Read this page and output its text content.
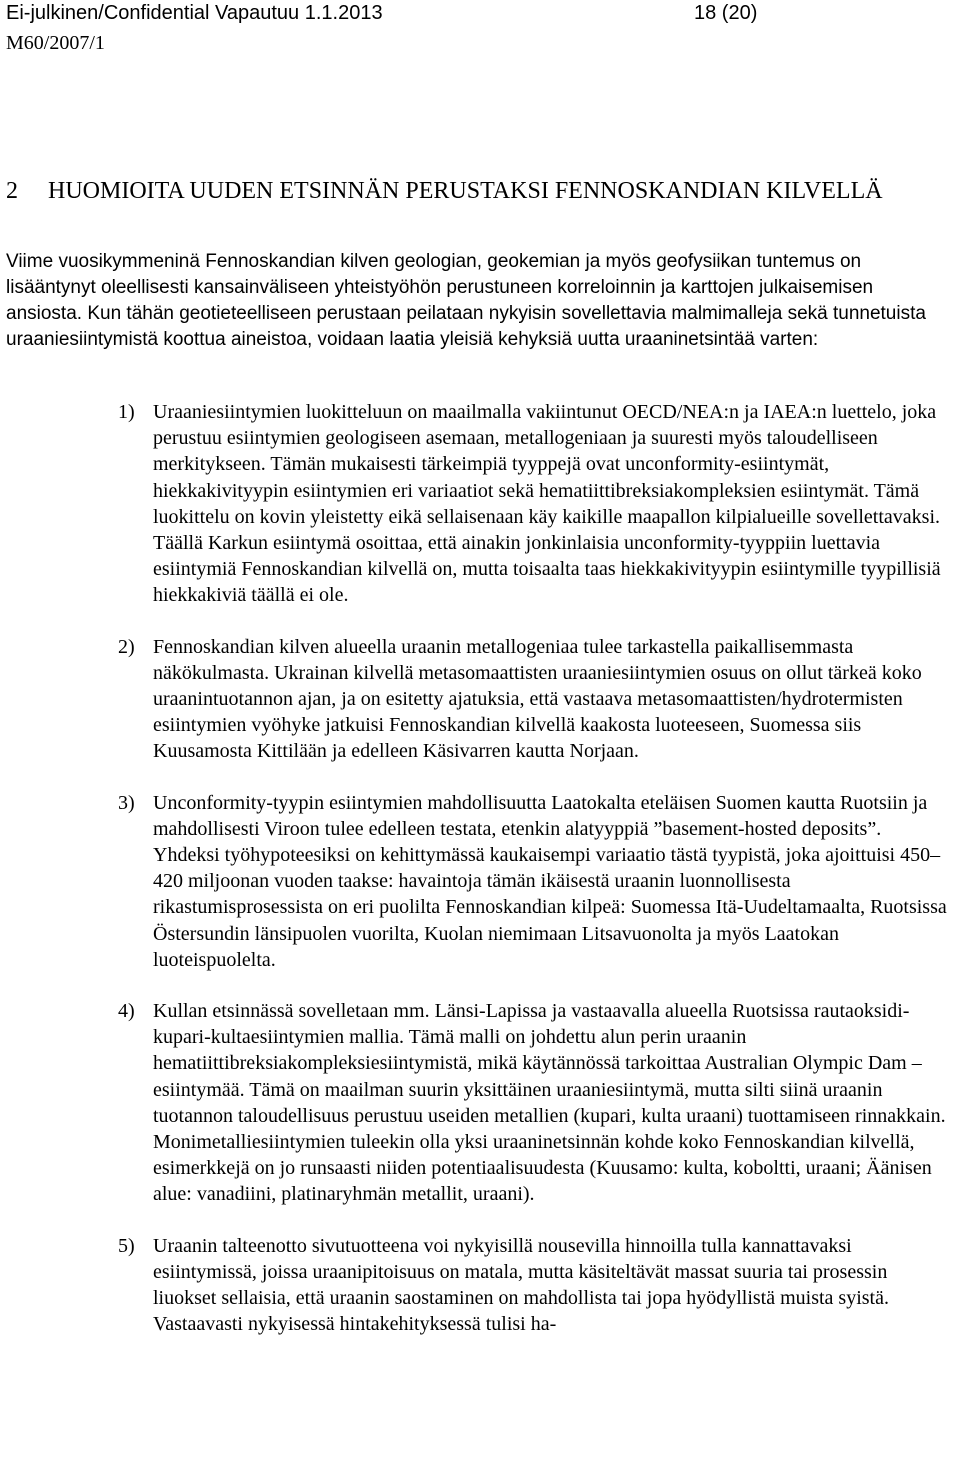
Ei-julkinen/Confidential Vapautuu 1.1.2013	18 (20)
M60/2007/1
2 HUOMIOITA UUDEN ETSINNÄN PERUSTAKSI FENNOSKANDIAN KILVELLÄ

Viime vuosikymmeninä Fennoskandian kilven geologian, geokemian ja myös geofysiikan tuntemus on lisääntynyt oleellisesti kansainväliseen yhteistyöhön perustuneen korreloinnin ja karttojen julkaisemisen ansiosta. Kun tähän geotieteelliseen perustaan peilataan nykyisin sovellettavia malmimalleja sekä tunnetuista uraaniesiintymistä koottua aineistoa, voidaan laatia yleisiä kehyksiä uutta uraaninetsintää varten:

1) Uraaniesiintymien luokitteluun on maailmalla vakiintunut OECD/NEA:n ja IAEA:n luettelo, joka perustuu esiintymien geologiseen asemaan, metallogeniaan ja suuresti myös taloudelliseen merkitykseen. Tämän mukaisesti tärkeimpiä tyyppejä ovat unconformity-esiintymät, hiekkakivityypin esiintymien eri variaatiot sekä hematiittibreksiakompleksien esiintymät. Tämä luokittelu on kovin yleistetty eikä sellaisenaan käy kaikille maapallon kilpialueille sovellettavaksi. Täällä Karkun esiintymä osoittaa, että ainakin jonkinlaisia unconformity-tyyppiin luettavia esiintymiä Fennoskandian kilvellä on, mutta toisaalta taas hiekkakivityypin esiintymille tyypillisiä hiekkakiviä täällä ei ole.
2) Fennoskandian kilven alueella uraanin metallogeniaa tulee tarkastella paikallisemmasta näkökulmasta. Ukrainan kilvellä metasomaattisten uraaniesiintymien osuus on ollut tärkeä koko uraanintuotannon ajan, ja on esitetty ajatuksia, että vastaava metasomaattisten/hydrotermisten esiintymien vyöhyke jatkuisi Fennoskandian kilvellä kaakosta luoteeseen, Suomessa siis Kuusamosta Kittilään ja edelleen Käsivarren kautta Norjaan.
3) Unconformity-tyypin esiintymien mahdollisuutta Laatokalta eteläisen Suomen kautta Ruotsiin ja mahdollisesti Viroon tulee edelleen testata, etenkin alatyyppiä ”basement-hosted deposits”. Yhdeksi työhypoteesiksi on kehittymässä kaukaisempi variaatio tästä tyypistä, joka ajoittuisi 450–420 miljoonan vuoden taakse: havaintoja tämän ikäisestä uraanin luonnollisesta rikastumisprosessista on eri puolilta Fennoskandian kilpeä: Suomessa Itä-Uudeltamaalta, Ruotsissa Östersundin länsipuolen vuorilta, Kuolan niemimaan Litsavuonolta ja myös Laatokan luoteispuolelta.
4) Kullan etsinnässä sovelletaan mm. Länsi-Lapissa ja vastaavalla alueella Ruotsissa rautaoksidi-kupari-kultaesiintymien mallia. Tämä malli on johdettu alun perin uraanin hematiittibreksiakompleksiesiintymistä, mikä käytännössä tarkoittaa Australian Olympic Dam –esiintymää. Tämä on maailman suurin yksittäinen uraaniesiintymä, mutta silti siinä uraanin tuotannon taloudellisuus perustuu useiden metallien (kupari, kulta uraani) tuottamiseen rinnakkain. Monimetalliesiintymien tuleekin olla yksi uraaninetsinnän kohde koko Fennoskandian kilvellä, esimerkkejä on jo runsaasti niiden potentiaalisuudesta (Kuusamo: kulta, koboltti, uraani; Äänisen alue: vanadiini, platinaryhmän metallit, uraani).
5) Uraanin talteenotto sivutuotteena voi nykyisillä nousevilla hinnoilla tulla kannattavaksi esiintymissä, joissa uraanipitoisuus on matala, mutta käsiteltävät massat suuria tai prosessin liuokset sellaisia, että uraanin saostaminen on mahdollista tai jopa hyödyllistä muista syistä. Vastaavasti nykyisessä hintakehityksessä tulisi ha-
